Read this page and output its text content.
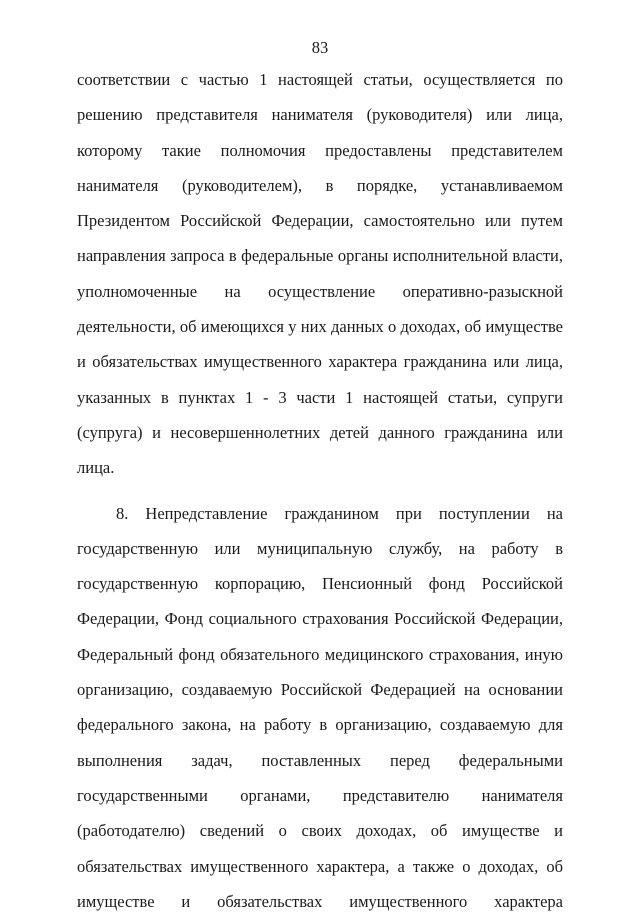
83

соответствии с частью 1 настоящей статьи, осуществляется по решению представителя нанимателя (руководителя) или лица, которому такие полномочия предоставлены представителем нанимателя (руководителем), в порядке, устанавливаемом Президентом Российской Федерации, самостоятельно или путем направления запроса в федеральные органы исполнительной власти, уполномоченные на осуществление оперативно-разыскной деятельности, об имеющихся у них данных о доходах, об имуществе и обязательствах имущественного характера гражданина или лица, указанных в пунктах 1 - 3 части 1 настоящей статьи, супруги (супруга) и несовершеннолетних детей данного гражданина или лица.

8. Непредставление гражданином при поступлении на государственную или муниципальную службу, на работу в государственную корпорацию, Пенсионный фонд Российской Федерации, Фонд социального страхования Российской Федерации, Федеральный фонд обязательного медицинского страхования, иную организацию, создаваемую Российской Федерацией на основании федерального закона, на работу в организацию, создаваемую для выполнения задач, поставленных перед федеральными государственными органами, представителю нанимателя (работодателю) сведений о своих доходах, об имуществе и обязательствах имущественного характера, а также о доходах, об имуществе и обязательствах имущественного характера
